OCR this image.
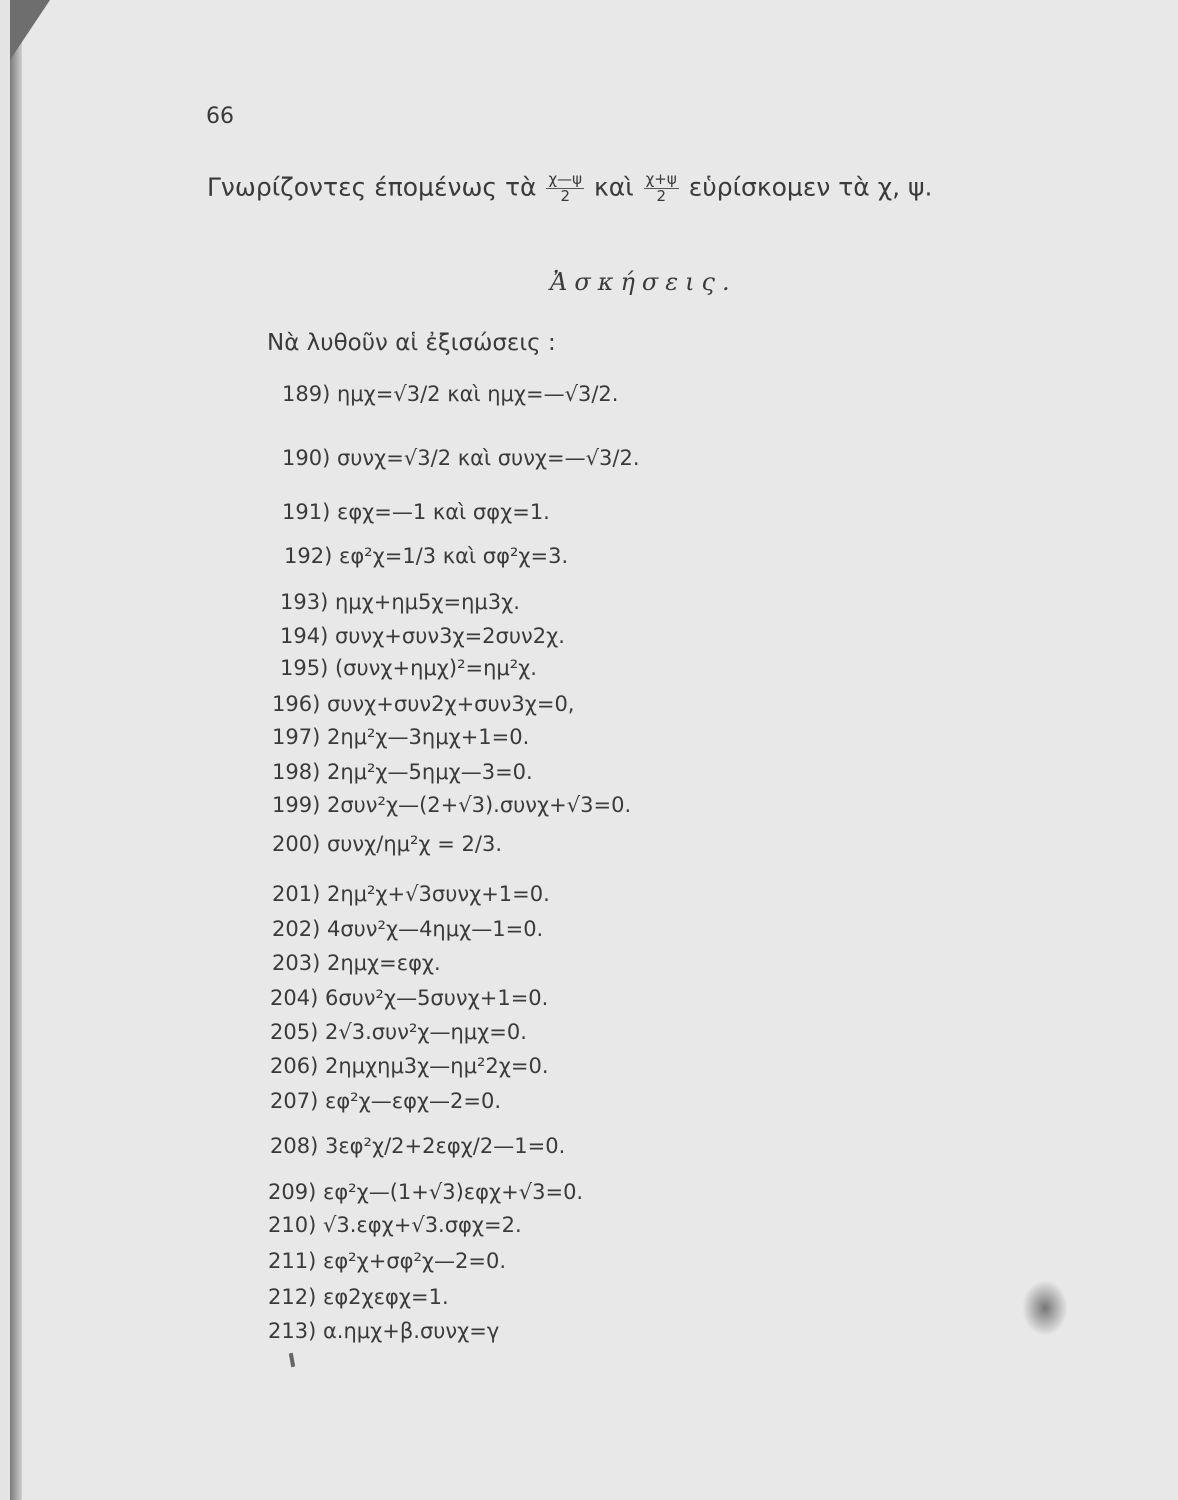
66
Γνωρίζοντες έπομένως τὰ $\frac{\chi—\psi}{2}$ καὶ $\frac{\chi+\psi}{2}$ εὑρίσκομεν τὰ χ, ψ.
Ἀσκήσεις.
Νὰ λυθοῦν αἱ ἐξισώσεις :
189) ημχ=√3/2 καὶ ημχ=—√3/2.
190) συνχ=√3/2 καὶ συνχ=—√3/2.
191) εφχ=—1 καὶ σφχ=1.
192) εφ²χ=1/3 καὶ σφ²χ=3.
193) ημχ+ημ5χ=ημ3χ.
194) συνχ+συν3χ=2συν2χ.
195) (συνχ+ημχ)²=ημ²χ.
196) συνχ+συν2χ+συν3χ=0,
197) 2ημ²χ—3ημχ+1=0.
198) 2ημ²χ—5ημχ—3=0.
199) 2συν²χ—(2+√3).συνχ+√3=0.
200) συνχ/ημ²χ = 2/3.
201) 2ημ²χ+√3συνχ+1=0.
202) 4συν²χ—4ημχ—1=0.
203) 2ημχ=εφχ.
204) 6συν²χ—5συνχ+1=0.
205) 2√3.συν²χ—ημχ=0.
206) 2ημχημ3χ—ημ²2χ=0.
207) εφ²χ—εφχ—2=0.
208) 3εφ²χ/2+2εφχ/2—1=0.
209) εφ²χ—(1+√3)εφχ+√3=0.
210) √3.εφχ+√3.σφχ=2.
211) εφ²χ+σφ²χ—2=0.
212) εφ2χεφχ=1.
213) α.ημχ+β.συνχ=γ
